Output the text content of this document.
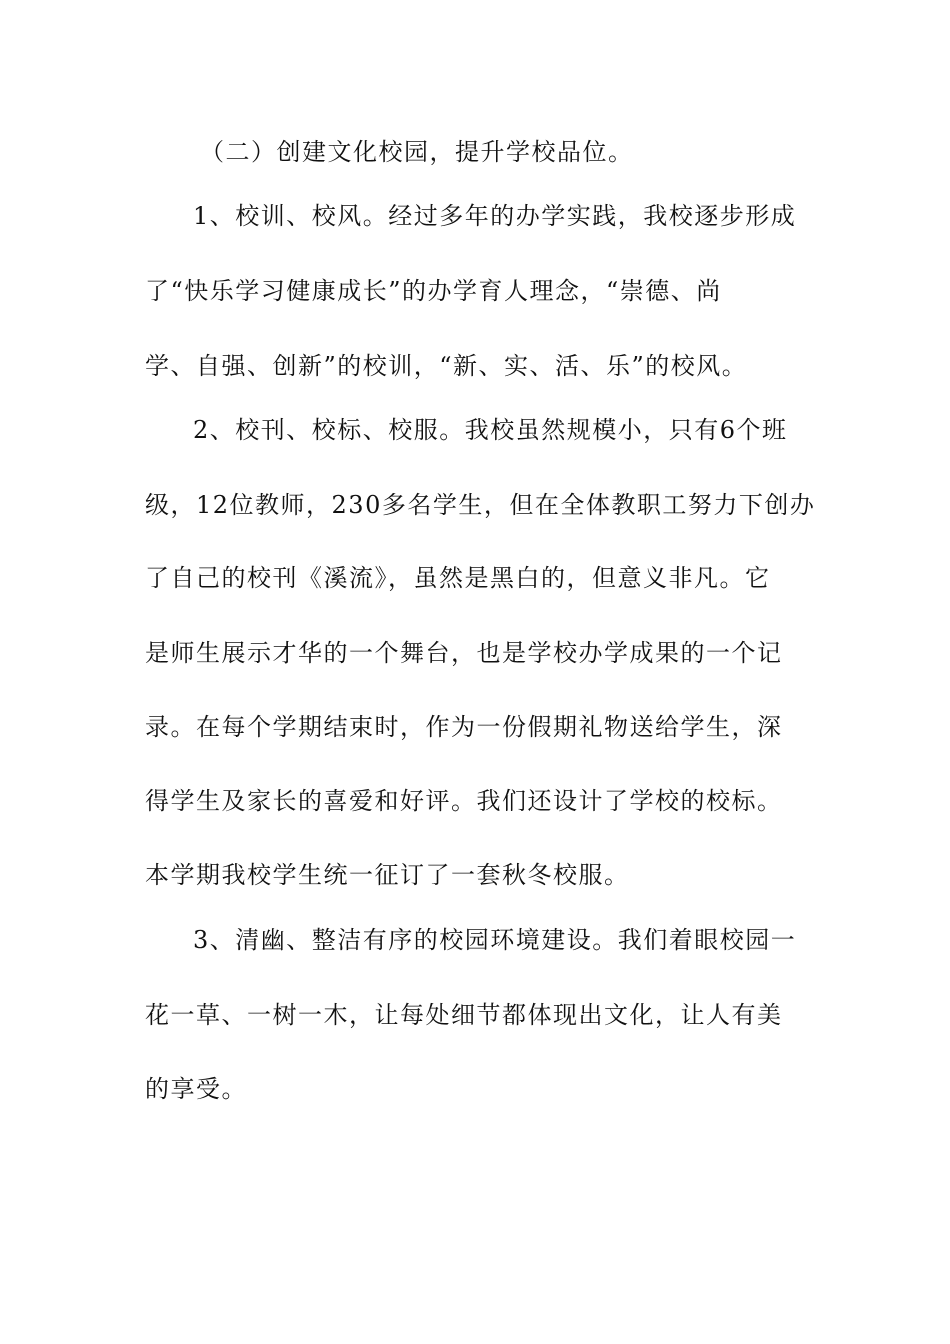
（二）创建文化校园，提升学校品位。
1、校训、校风。经过多年的办学实践，我校逐步形成
了“快乐学习健康成长”的办学育人理念，“崇德、尚
学、自强、创新”的校训，“新、实、活、乐”的校风。
2、校刊、校标、校服。我校虽然规模小，只有6个班
级，12位教师，230多名学生，但在全体教职工努力下创办
了自己的校刊《溪流》，虽然是黑白的，但意义非凡。它
是师生展示才华的一个舞台，也是学校办学成果的一个记
录。在每个学期结束时，作为一份假期礼物送给学生，深
得学生及家长的喜爱和好评。我们还设计了学校的校标。
本学期我校学生统一征订了一套秋冬校服。
3、清幽、整洁有序的校园环境建设。我们着眼校园一
花一草、一树一木，让每处细节都体现出文化，让人有美
的享受。
